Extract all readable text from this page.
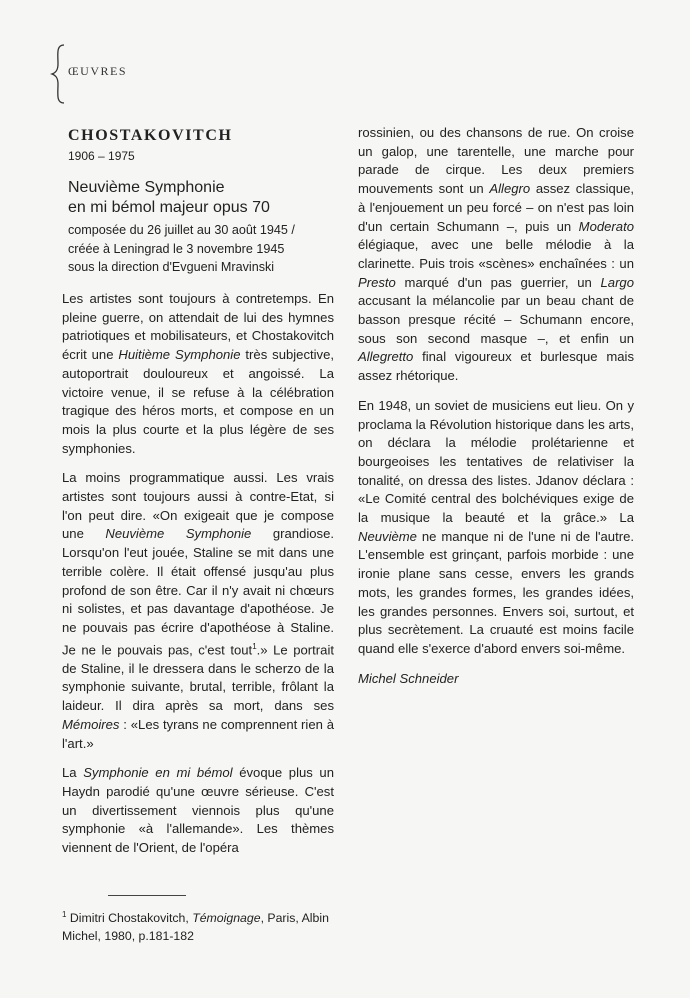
ŒUVRES
CHOSTAKOVITCH
1906 – 1975
Neuvième Symphonie
en mi bémol majeur opus 70
composée du 26 juillet au 30 août 1945 /
créée à Leningrad le 3 novembre 1945
sous la direction d'Evgueni Mravinski

Les artistes sont toujours à contretemps. En pleine guerre, on attendait de lui des hymnes patriotiques et mobilisateurs, et Chostakovitch écrit une Huitième Symphonie très subjective, autoportrait douloureux et angoissé. La victoire venue, il se refuse à la célébration tragique des héros morts, et compose en un mois la plus courte et la plus légère de ses symphonies.

La moins programmatique aussi. Les vrais artistes sont toujours aussi à contre-Etat, si l'on peut dire. «On exigeait que je compose une Neuvième Symphonie grandiose. Lorsqu'on l'eut jouée, Staline se mit dans une terrible colère. Il était offensé jusqu'au plus profond de son être. Car il n'y avait ni chœurs ni solistes, et pas davantage d'apothéose. Je ne pouvais pas écrire d'apothéose à Staline. Je ne le pouvais pas, c'est tout$^1$.» Le portrait de Staline, il le dressera dans le scherzo de la symphonie suivante, brutal, terrible, frôlant la laideur. Il dira après sa mort, dans ses Mémoires : «Les tyrans ne comprennent rien à l'art.»

La Symphonie en mi bémol évoque plus un Haydn parodié qu'une œuvre sérieuse. C'est un divertissement viennois plus qu'une symphonie «à l'allemande». Les thèmes viennent de l'Orient, de l'opéra

rossinien, ou des chansons de rue. On croise un galop, une tarentelle, une marche pour parade de cirque. Les deux premiers mouvements sont un Allegro assez classique, à l'enjouement un peu forcé – on n'est pas loin d'un certain Schumann –, puis un Moderato élégiaque, avec une belle mélodie à la clarinette. Puis trois «scènes» enchaînées : un Presto marqué d'un pas guerrier, un Largo accusant la mélancolie par un beau chant de basson presque récité – Schumann encore, sous son second masque –, et enfin un Allegretto final vigoureux et burlesque mais assez rhétorique.

En 1948, un soviet de musiciens eut lieu. On y proclama la Révolution historique dans les arts, on déclara la mélodie prolétarienne et bourgeoises les tentatives de relativiser la tonalité, on dressa des listes. Jdanov déclara : «Le Comité central des bolchéviques exige de la musique la beauté et la grâce.» La Neuvième ne manque ni de l'une ni de l'autre. L'ensemble est grinçant, parfois morbide : une ironie plane sans cesse, envers les grands mots, les grandes formes, les grandes idées, les grandes personnes. Envers soi, surtout, et plus secrètement. La cruauté est moins facile quand elle s'exerce d'abord envers soi-même.

Michel Schneider

$^1$ Dimitri Chostakovitch, Témoignage, Paris, Albin Michel, 1980, p.181-182
